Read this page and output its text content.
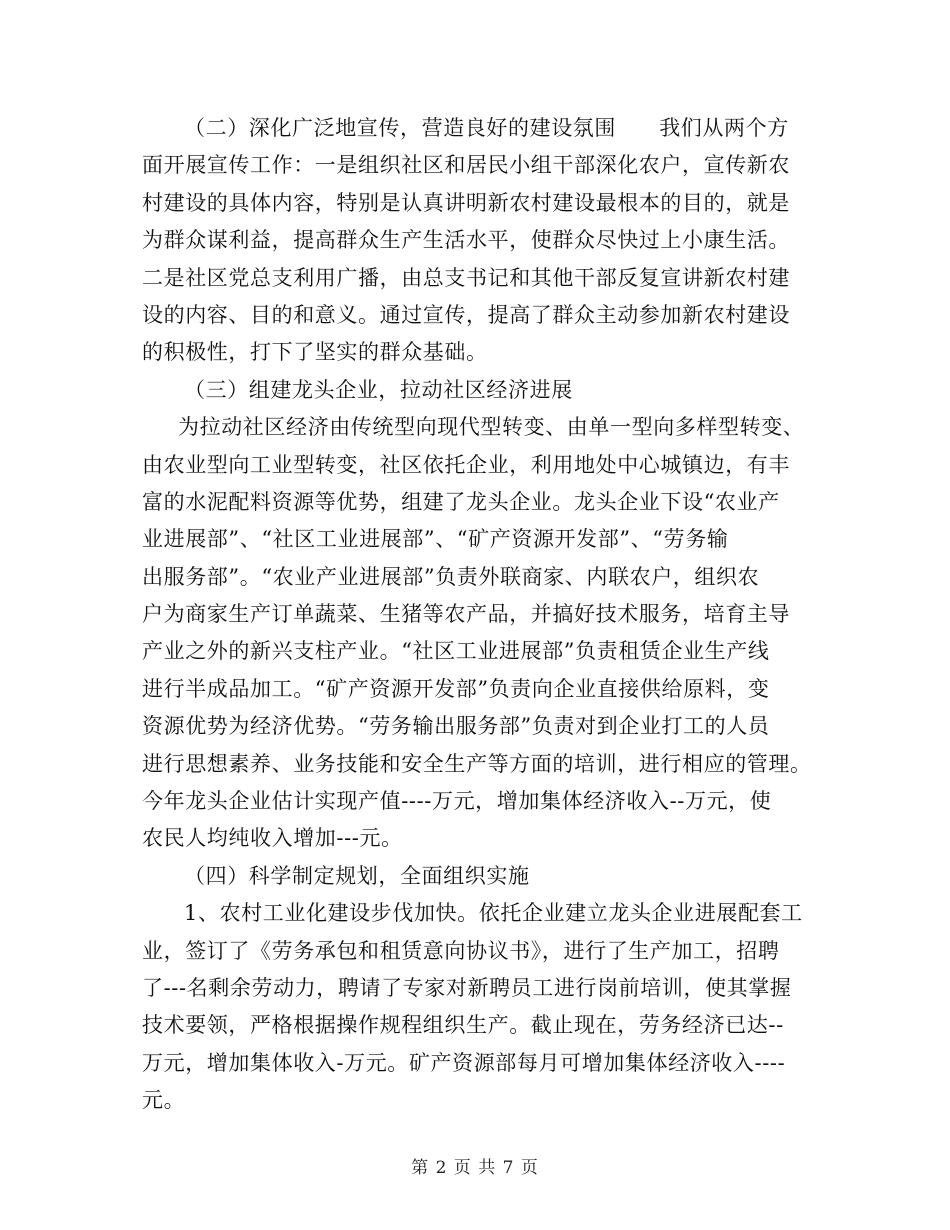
（二）深化广泛地宣传，营造良好的建设氛围　　我们从两个方
面开展宣传工作：一是组织社区和居民小组干部深化农户，宣传新农
村建设的具体内容，特别是认真讲明新农村建设最根本的目的，就是
为群众谋利益，提高群众生产生活水平，使群众尽快过上小康生活。
二是社区党总支利用广播，由总支书记和其他干部反复宣讲新农村建
设的内容、目的和意义。通过宣传，提高了群众主动参加新农村建设
的积极性，打下了坚实的群众基础。
（三）组建龙头企业，拉动社区经济进展
为拉动社区经济由传统型向现代型转变、由单一型向多样型转变、
由农业型向工业型转变，社区依托企业，利用地处中心城镇边，有丰
富的水泥配料资源等优势，组建了龙头企业。龙头企业下设“农业产
业进展部”、“社区工业进展部”、“矿产资源开发部”、“劳务输
出服务部”。“农业产业进展部”负责外联商家、内联农户，组织农
户为商家生产订单蔬菜、生猪等农产品，并搞好技术服务，培育主导
产业之外的新兴支柱产业。“社区工业进展部”负责租赁企业生产线
进行半成品加工。“矿产资源开发部”负责向企业直接供给原料，变
资源优势为经济优势。“劳务输出服务部”负责对到企业打工的人员
进行思想素养、业务技能和安全生产等方面的培训，进行相应的管理。
今年龙头企业估计实现产值----万元，增加集体经济收入--万元，使
农民人均纯收入增加---元。
（四）科学制定规划，全面组织实施
1、农村工业化建设步伐加快。依托企业建立龙头企业进展配套工
业，签订了《劳务承包和租赁意向协议书》，进行了生产加工，招聘
了---名剩余劳动力，聘请了专家对新聘员工进行岗前培训，使其掌握
技术要领，严格根据操作规程组织生产。截止现在，劳务经济已达--
万元，增加集体收入-万元。矿产资源部每月可增加集体经济收入----
元。
第 2 页 共 7 页
